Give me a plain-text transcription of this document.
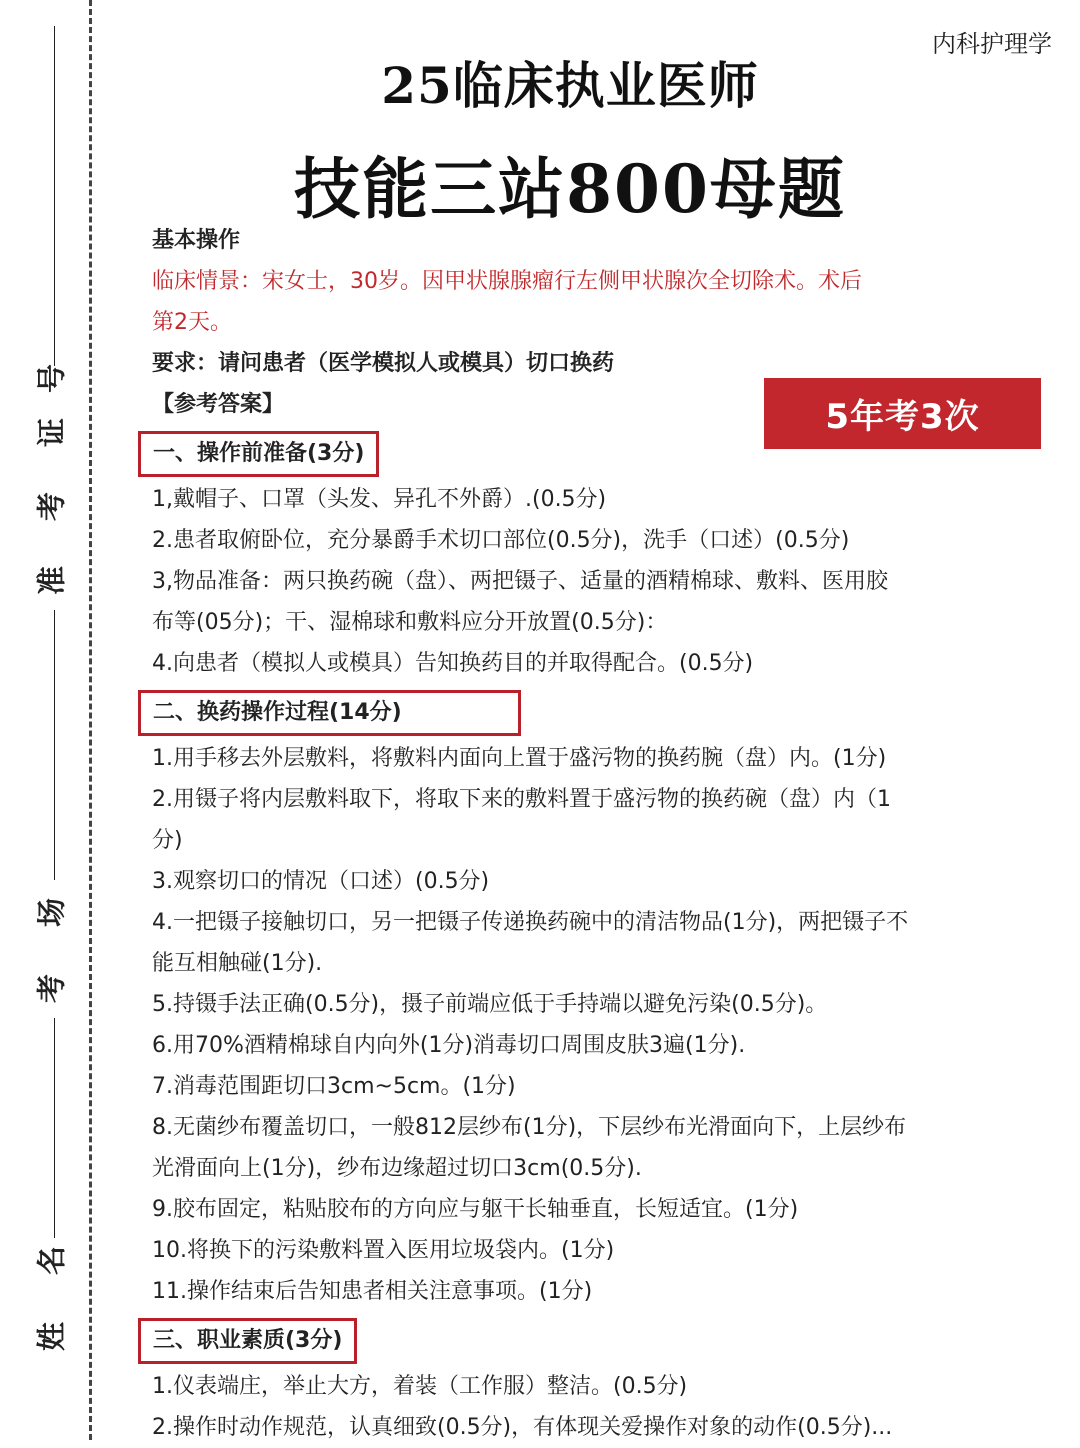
号
证
考
准
场
考
名
姓
内科护理学
25临床执业医师
技能三站800母题
5年考3次
基本操作
临床情景：宋女士，30岁。因甲状腺腺瘤行左侧甲状腺次全切除术。术后
第2天。
要求：请问患者（医学模拟人或模具）切口换药
【参考答案】
一、操作前准备(3分)
1,戴帽子、口罩（头发、异孔不外爵）.(0.5分)
2.患者取俯卧位，充分暴爵手术切口部位(0.5分)，洗手（口述）(0.5分)
3,物品准备：两只换药碗（盘）、两把镊子、适量的酒精棉球、敷料、医用胶
布等(05分)；干、湿棉球和敷料应分开放置(0.5分)：
4.向患者（模拟人或模具）告知换药目的并取得配合。(0.5分)
二、换药操作过程(14分)
1.用手移去外层敷料，将敷料内面向上置于盛污物的换药腕（盘）内。(1分)
2.用镊子将内层敷料取下，将取下来的敷料置于盛污物的换药碗（盘）内（1
分)
3.观察切口的情况（口述）(0.5分)
4.一把镊子接触切口，另一把镊子传递换药碗中的清洁物品(1分)，两把镊子不
能互相触碰(1分).
5.持镊手法正确(0.5分)，摄子前端应低于手持端以避免污染(0.5分)。
6.用70%酒精棉球自内向外(1分)消毒切口周围皮肤3遍(1分).
7.消毒范围距切口3cm~5cm。(1分)
8.无菌纱布覆盖切口，一般812层纱布(1分)，下层纱布光滑面向下，上层纱布
光滑面向上(1分)，纱布边缘超过切口3cm(0.5分).
9.胶布固定，粘贴胶布的方向应与躯干长轴垂直，长短适宜。(1分)
10.将换下的污染敷料置入医用垃圾袋内。(1分)
11.操作结束后告知患者相关注意事项。(1分)
三、职业素质(3分)
1.仪表端庄，举止大方，着装（工作服）整洁。(0.5分)
2.操作时动作规范，认真细致(0.5分)，有体现关爱操作对象的动作(0.5分)...
